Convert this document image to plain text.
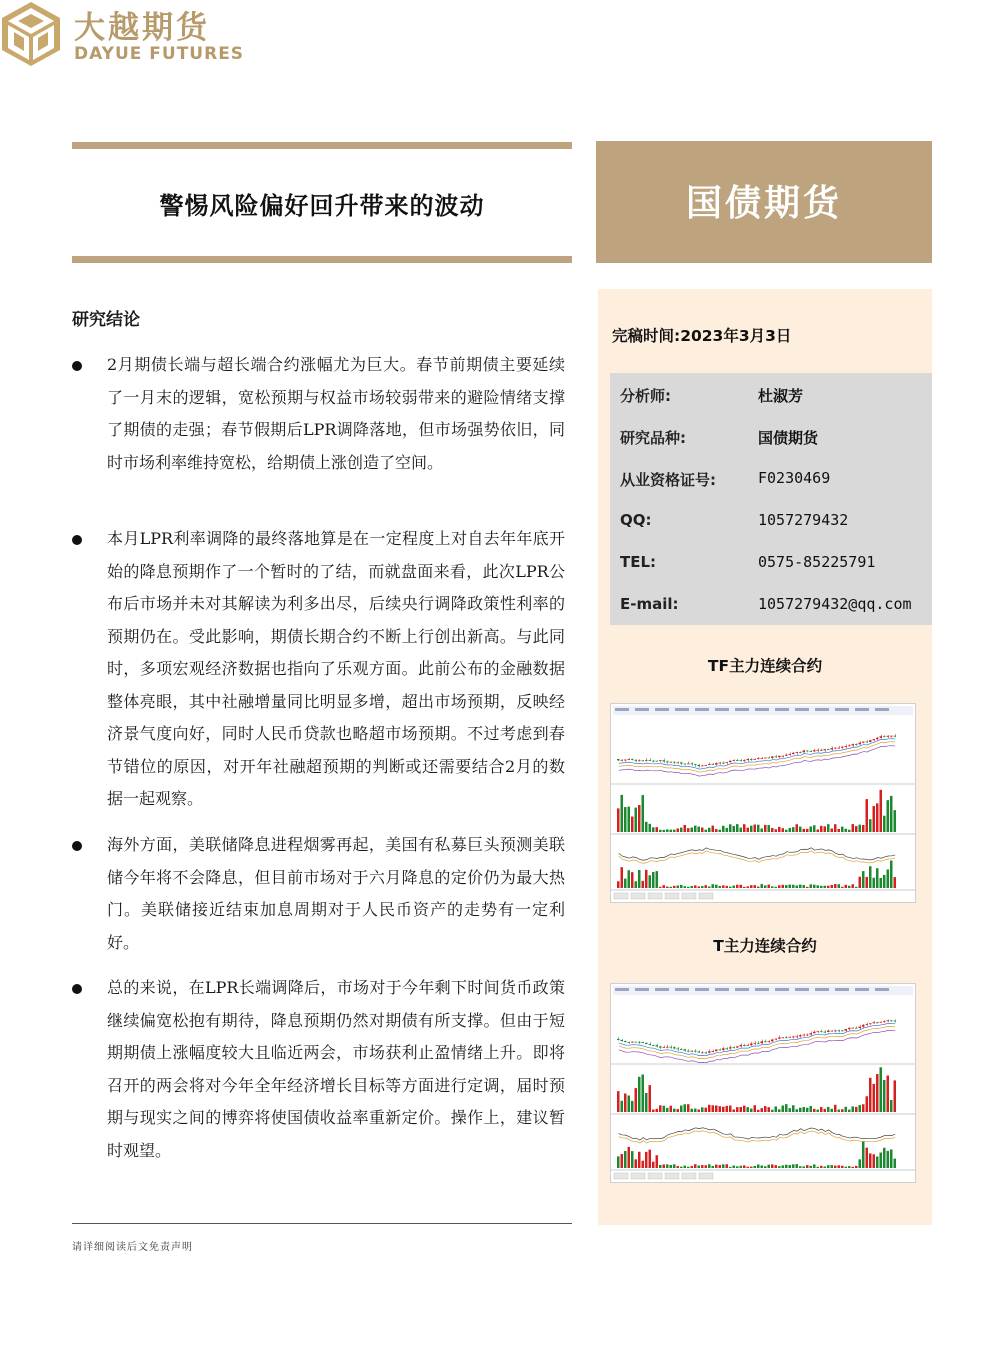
大越期货
DAYUE FUTURES
警惕风险偏好回升带来的波动	国债期货
研究结论
2月期债长端与超长端合约涨幅尤为巨大。春节前期债主要延续了一月末的逻辑，宽松预期与权益市场较弱带来的避险情绪支撑了期债的走强；春节假期后LPR调降落地，但市场强势依旧，同时市场利率维持宽松，给期债上涨创造了空间。
本月LPR利率调降的最终落地算是在一定程度上对自去年年底开始的降息预期作了一个暂时的了结，而就盘面来看，此次LPR公布后市场并未对其解读为利多出尽，后续央行调降政策性利率的预期仍在。受此影响，期债长期合约不断上行创出新高。与此同时，多项宏观经济数据也指向了乐观方面。此前公布的金融数据整体亮眼，其中社融增量同比明显多增，超出市场预期，反映经济景气度向好，同时人民币贷款也略超市场预期。不过考虑到春节错位的原因，对开年社融超预期的判断或还需要结合2月的数据一起观察。
海外方面，美联储降息进程烟雾再起，美国有私募巨头预测美联储今年将不会降息，但目前市场对于六月降息的定价仍为最大热门。美联储接近结束加息周期对于人民币资产的走势有一定利好。
总的来说，在LPR长端调降后，市场对于今年剩下时间货币政策继续偏宽松抱有期待，降息预期仍然对期债有所支撑。但由于短期期债上涨幅度较大且临近两会，市场获利止盈情绪上升。即将召开的两会将对今年全年经济增长目标等方面进行定调，届时预期与现实之间的博弈将使国债收益率重新定价。操作上，建议暂时观望。
请详细阅读后文免责声明
完稿时间:2023年3月3日
分析师:	杜淑芳
研究品种:	国债期货
从业资格证号:	F0230469
QQ:	1057279432
TEL:	0575-85225791
E-mail:	1057279432@qq.com
TF主力连续合约
T主力连续合约
